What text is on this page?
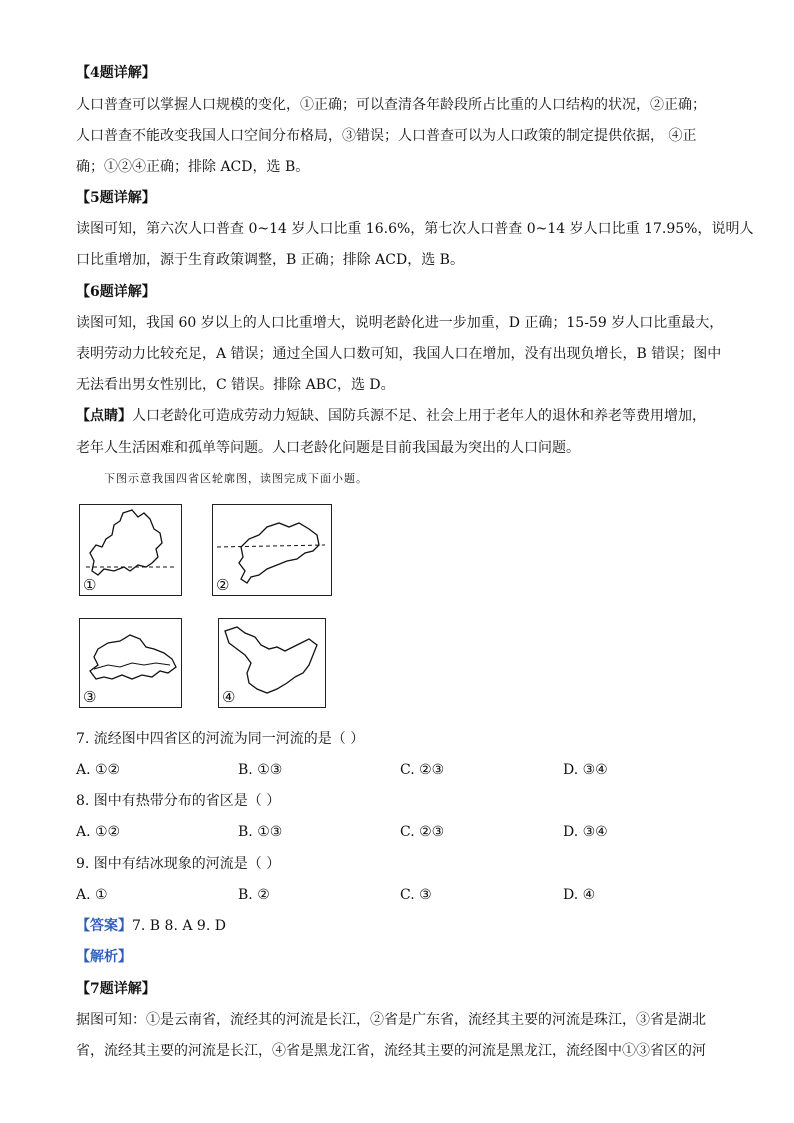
【4题详解】
人口普查可以掌握人口规模的变化，①正确；可以查清各年龄段所占比重的人口结构的状况，②正确；
人口普查不能改变我国人口空间分布格局，③错误；人口普查可以为人口政策的制定提供依据， ④正
确；①②④正确；排除 ACD，选 B。
【5题详解】
读图可知，第六次人口普查 0~14 岁人口比重 16.6%，第七次人口普查 0~14 岁人口比重 17.95%，说明人
口比重增加，源于生育政策调整，B 正确；排除 ACD，选 B。
【6题详解】
读图可知，我国 60 岁以上的人口比重增大，说明老龄化进一步加重，D 正确；15-59 岁人口比重最大，
表明劳动力比较充足，A 错误；通过全国人口数可知，我国人口在增加，没有出现负增长，B 错误；图中
无法看出男女性别比，C 错误。排除 ABC，选 D。
【点睛】人口老龄化可造成劳动力短缺、国防兵源不足、社会上用于老年人的退休和养老等费用增加，
老年人生活困难和孤单等问题。人口老龄化问题是目前我国最为突出的人口问题。
下图示意我国四省区轮廓图，读图完成下面小题。
①	②
③	④
7. 流经图中四省区的河流为同一河流的是（ ）
A. ①②	B. ①③	C. ②③	D. ③④
8. 图中有热带分布的省区是（ ）
A. ①②	B. ①③	C. ②③	D. ③④
9. 图中有结冰现象的河流是（ ）
A. ①	B. ②	C. ③	D. ④
【答案】7. B 8. A 9. D
【解析】
【7题详解】
据图可知：①是云南省，流经其的河流是长江，②省是广东省，流经其主要的河流是珠江，③省是湖北
省，流经其主要的河流是长江，④省是黑龙江省，流经其主要的河流是黑龙江，流经图中①③省区的河
